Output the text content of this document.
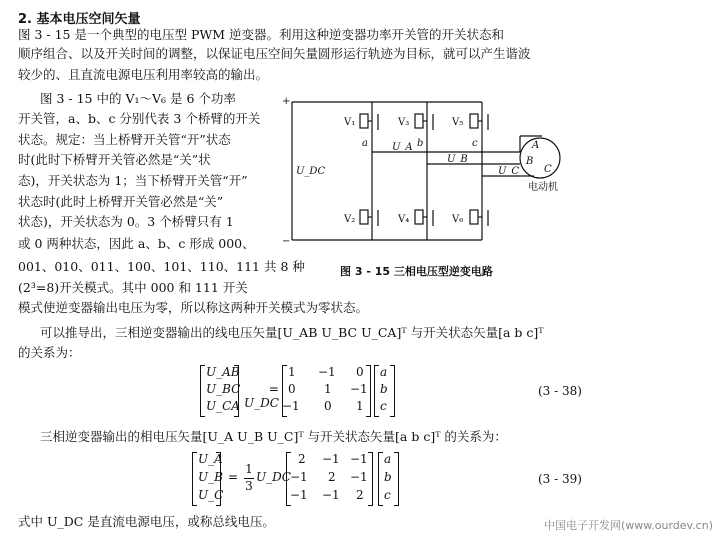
2. 基本电压空间矢量
图 3 - 15 是一个典型的电压型 PWM 逆变器。利用这种逆变器功率开关管的开关状态和
顺序组合、以及开关时间的调整，以保证电压空间矢量圆形运行轨迹为目标，就可以产生谐波
较少的、且直流电源电压利用率较高的输出。
图 3 - 15 中的 V₁～V₆ 是 6 个功率
开关管，a、b、c 分别代表 3 个桥臂的开关
状态。规定：当上桥臂开关管“开”状态
时(此时下桥臂开关管必然是“关”状
态)，开关状态为 1；当下桥臂开关管“开”
状态时(此时上桥臂开关管必然是“关”
状态)，开关状态为 0。3 个桥臂只有 1
或 0 两种状态，因此 a、b、c 形成 000、
001、010、011、100、101、110、111 共 8 种
(2³=8)开关模式。其中 000 和 111 开关
+
−
U_DC
V₁	V₃	V₅
V₂	V₄	V₆
a	b	c
U_A
U_B
U_C
A
B
C
电动机
图 3 - 15 三相电压型逆变电路
模式使逆变器输出电压为零，所以称这两种开关模式为零状态。
可以推导出，三相逆变器输出的线电压矢量[U_AB U_BC U_CA]ᵀ 与开关状态矢量[a b c]ᵀ
的关系为：
U_AB
U_BC
U_CA
= U_DC
1 −1 0
0 1 −1
−1 0 1
a
b
c
(3 - 38)
三相逆变器输出的相电压矢量[U_A U_B U_C]ᵀ 与开关状态矢量[a b c]ᵀ 的关系为：
U_A
U_B
U_C
=
1
3
U_DC
2 −1 −1
−1 2 −1
−1 −1 2
a
b
c
(3 - 39)
式中 U_DC 是直流电源电压，或称总线电压。	中国电子开发网(www.ourdev.cn)
